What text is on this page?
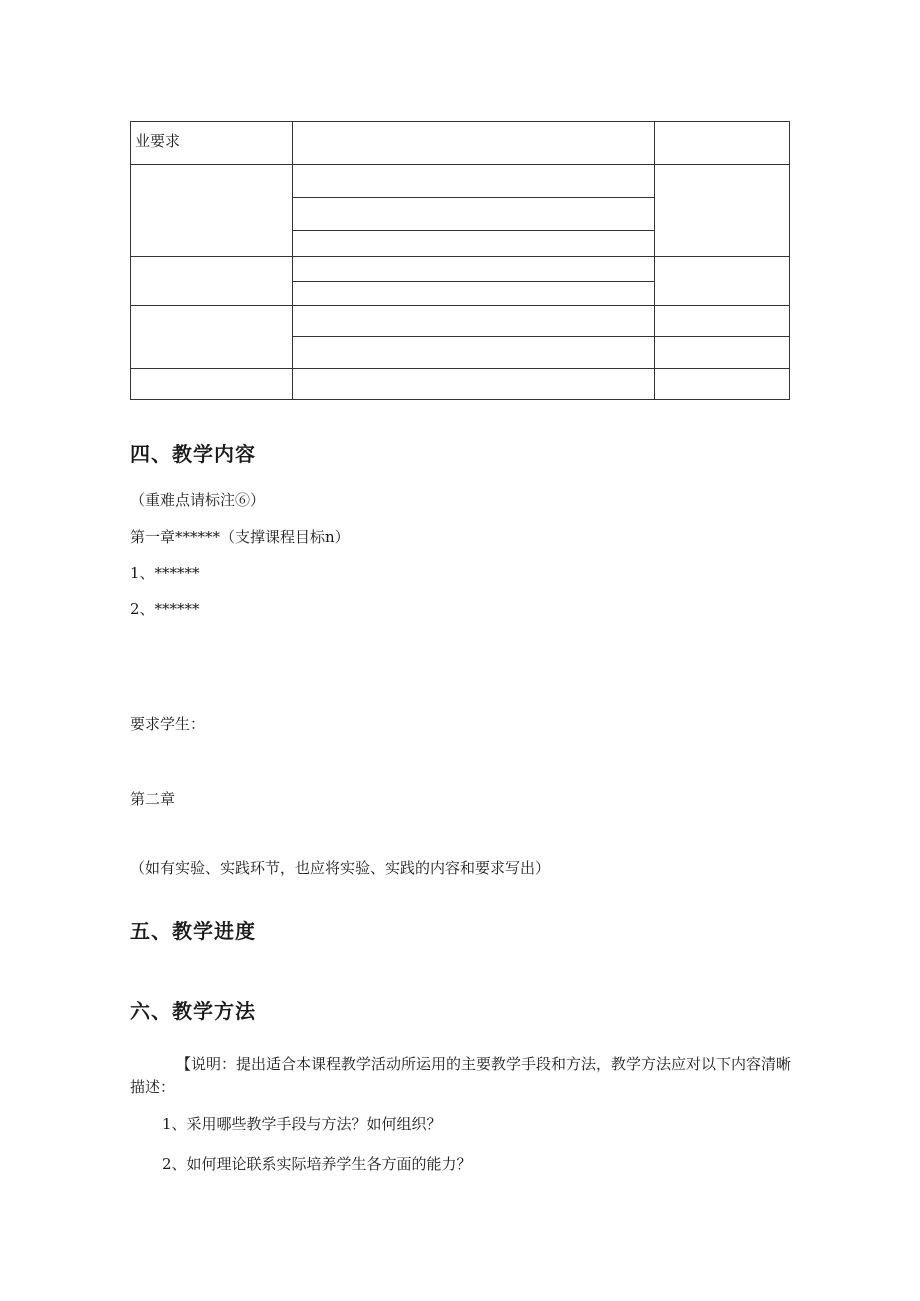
业要求
四、教学内容
（重难点请标注⑥）
第一章******（支撑课程目标n）
1、******
2、******
要求学生：
第二章
（如有实验、实践环节，也应将实验、实践的内容和要求写出）
五、教学进度
六、教学方法
【说明：提出适合本课程教学活动所运用的主要教学手段和方法，教学方法应对以下内容清晰
描述：
1、采用哪些教学手段与方法？如何组织？
2、如何理论联系实际培养学生各方面的能力？
